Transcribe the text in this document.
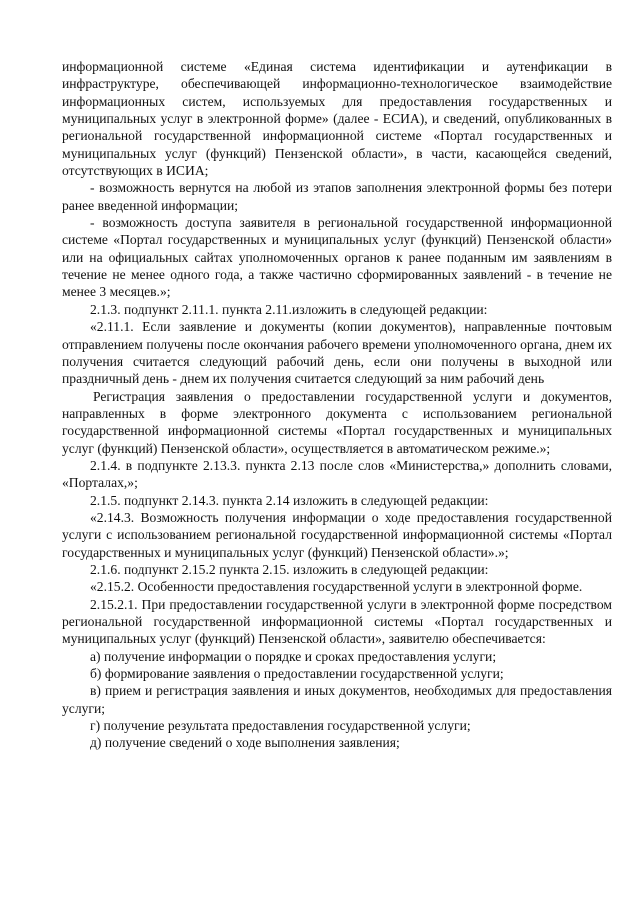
информационной системе «Единая система идентификации и аутенфикации в инфраструктуре, обеспечивающей информационно-технологическое взаимодействие информационных систем, используемых для предоставления государственных и муниципальных услуг в электронной форме» (далее - ЕСИА), и сведений, опубликованных в региональной государственной информационной системе «Портал государственных и муниципальных услуг (функций) Пензенской области», в части, касающейся сведений, отсутствующих в ИСИА;

- возможность вернутся на любой из этапов заполнения электронной формы без потери ранее введенной информации;

- возможность доступа заявителя в региональной государственной информационной системе «Портал государственных и муниципальных услуг (функций) Пензенской области» или на официальных сайтах уполномоченных органов к ранее поданным им заявлениям в течение не менее одного года, а также частично сформированных заявлений - в течение не менее 3 месяцев.»;

2.1.3. подпункт 2.11.1. пункта 2.11.изложить в следующей редакции:

«2.11.1. Если заявление и документы (копии документов), направленные почтовым отправлением получены после окончания рабочего времени уполномоченного органа, днем их получения считается следующий рабочий день, если они получены в выходной или праздничный день - днем их получения считается следующий за ним рабочий день

Регистрация заявления о предоставлении государственной услуги и документов, направленных в форме электронного документа с использованием региональной государственной информационной системы «Портал государственных и муниципальных услуг (функций) Пензенской области», осуществляется в автоматическом режиме.»;

2.1.4. в подпункте 2.13.3. пункта 2.13 после слов «Министерства,» дополнить словами, «Порталах,»;

2.1.5. подпункт 2.14.3. пункта 2.14 изложить в следующей редакции:

«2.14.3. Возможность получения информации о ходе предоставления государственной услуги с использованием региональной государственной информационной системы «Портал государственных и муниципальных услуг (функций) Пензенской области».»;

2.1.6. подпункт 2.15.2 пункта 2.15. изложить в следующей редакции:

«2.15.2. Особенности предоставления государственной услуги в электронной форме.

2.15.2.1. При предоставлении государственной услуги в электронной форме посредством региональной государственной информационной системы «Портал государственных и муниципальных услуг (функций) Пензенской области», заявителю обеспечивается:

а) получение информации о порядке и сроках предоставления услуги;

б) формирование заявления о предоставлении государственной услуги;

в) прием и регистрация заявления и иных документов, необходимых для предоставления услуги;

г) получение результата предоставления государственной услуги;

д) получение сведений о ходе выполнения заявления;
